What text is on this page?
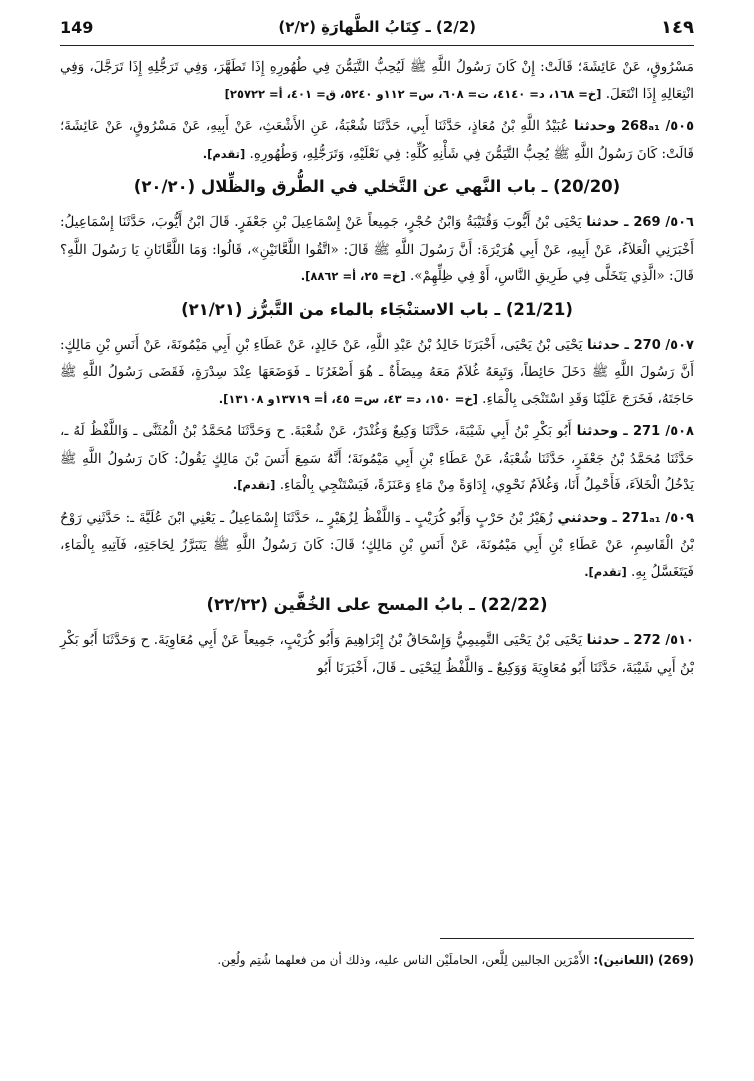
149	(2/2) ـ كِتَابُ الطَّهارَةِ (٢/٢)	١٤٩

مَسْرُوقٍ، عَنْ عَائِشَةَ؛ قَالَتْ: إِنْ كَانَ رَسُولُ اللَّهِ ﷺ لَيُحِبُّ التَّيَمُّنَ فِي طُهُورِهِ إِذَا تَطَهَّرَ، وَفِي تَرَجُّلِهِ إِذَا تَرَجَّلَ، وَفِي انْتِعَالِهِ إِذَا انْتَعَلَ. [خ= ١٦٨، د= ٤١٤٠، ت= ٦٠٨، س= ١١٢و ٥٢٤٠، ق= ٤٠١، أ= ٢٥٧٢٢]

٥٠٥/ 268ₐ₁ وحدثنا عُبَيْدُ اللَّهِ بْنُ مُعَاذٍ، حَدَّثَنَا أَبِي، حَدَّثَنَا شُعْبَةُ، عَنِ الأَشْعَثِ، عَنْ أَبِيهِ، عَنْ مَسْرُوقٍ، عَنْ عَائِشَةَ؛ قَالَتْ: كَانَ رَسُولُ اللَّهِ ﷺ يُحِبُّ التَّيَمُّنَ فِي شَأْنِهِ كُلِّهِ: فِي نَعْلَيْهِ، وَتَرَجُّلِهِ، وَطُهُورِهِ. [تقدم].

(20/20) ـ باب النَّهي عن التَّخلي في الطُّرق والظِّلال (٢٠/٢٠)

٥٠٦/ 269 ـ حدثنا يَحْيَى بْنُ أَيُّوبَ وَقُتَيْبَةُ وَابْنُ حُجْرٍ، جَمِيعاً عَنْ إِسْمَاعِيلَ بْنِ جَعْفَرٍ. قَالَ ابْنُ أَيُّوبَ، حَدَّثَنَا إِسْمَاعِيلُ: أَخْبَرَنِي الْعَلاَءُ، عَنْ أَبِيهِ، عَنْ أَبِي هُرَيْرَةَ: أَنَّ رَسُولَ اللَّهِ ﷺ قَالَ: «اتَّقُوا اللَّعَّانَيْنِ»، قَالُوا: وَمَا اللَّعَّانَانِ يَا رَسُولَ اللَّهِ؟ قَالَ: «الَّذِي يَتَخَلَّى فِي طَرِيقِ النَّاسِ، أَوْ فِي ظِلِّهِمْ». [خ= ٢٥، أ= ٨٨٦٢].

(21/21) ـ باب الاستنْجَاء بالماء من التَّبرُّز (٢١/٢١)

٥٠٧/ 270 ـ حدثنا يَحْيَى بْنُ يَحْيَى، أَخْبَرَنَا خَالِدُ بْنُ عَبْدِ اللَّهِ، عَنْ خَالِدٍ، عَنْ عَطَاءِ بْنِ أَبِي مَيْمُونَةَ، عَنْ أَنَسِ بْنِ مَالِكٍ: أَنَّ رَسُولَ اللَّهِ ﷺ دَخَلَ حَائِطاً، وَتَبِعَهُ غُلاَمٌ مَعَهُ مِيضَأَةٌ ـ هُوَ أَصْغَرُنَا ـ فَوَضَعَهَا عِنْدَ سِدْرَةٍ، فَقَضَى رَسُولُ اللَّهِ ﷺ حَاجَتَهُ، فَخَرَجَ عَلَيْنَا وَقَدِ اسْتَنْجَى بِالْمَاءِ. [خ= ١٥٠، د= ٤٣، س= ٤٥، أ= ١٣٧١٩و ١٣١٠٨].

٥٠٨/ 271 ـ وحدثنا أَبُو بَكْرِ بْنُ أَبِي شَيْبَةَ، حَدَّثَنَا وَكِيعٌ وَغُنْدَرٌ، عَنْ شُعْبَةَ. ح وَحَدَّثَنَا مُحَمَّدُ بْنُ الْمُثَنَّى ـ وَاللَّفْظُ لَهُ ـ، حَدَّثَنَا مُحَمَّدُ بْنُ جَعْفَرٍ، حَدَّثَنَا شُعْبَةُ، عَنْ عَطَاءِ بْنِ أَبِي مَيْمُونَةَ؛ أَنَّهُ سَمِعَ أَنَسَ بْنَ مَالِكٍ يَقُولُ: كَانَ رَسُولُ اللَّهِ ﷺ يَدْخُلُ الْخَلاَءَ، فَأَحْمِلُ أَنَا، وَغُلاَمٌ نَحْوِي، إِدَاوَةً مِنْ مَاءٍ وَعَنَزَةً، فَيَسْتَنْجِي بِالْمَاءِ. [تقدم].

٥٠٩/ 271ₐ₁ ـ وحدثني زُهَيْرُ بْنُ حَرْبٍ وَأَبُو كُرَيْبٍ ـ وَاللَّفْظُ لِزُهَيْرٍ ـ، حَدَّثَنَا إِسْمَاعِيلُ ـ يَعْنِي ابْنَ عُلَيَّةَ ـ: حَدَّثَنِي رَوْحُ بْنُ الْقَاسِمِ، عَنْ عَطَاءِ بْنِ أَبِي مَيْمُونَةَ، عَنْ أَنَسِ بْنِ مَالِكٍ؛ قَالَ: كَانَ رَسُولُ اللَّهِ ﷺ يَتَبَرَّزُ لِحَاجَتِهِ، فَآتِيهِ بِالْمَاءِ، فَيَتَغَسَّلُ بِهِ. [تقدم].

(22/22) ـ بابُ المسح على الخُفَّين (٢٢/٢٢)

٥١٠/ 272 ـ حدثنا يَحْيَى بْنُ يَحْيَى التَّمِيمِيُّ وَإِسْحَاقُ بْنُ إِبْرَاهِيمَ وَأَبُو كُرَيْبٍ، جَمِيعاً عَنْ أَبِي مُعَاوِيَةَ. ح وَحَدَّثَنَا أَبُو بَكْرِ بْنُ أَبِي شَيْبَةَ، حَدَّثَنَا أَبُو مُعَاوِيَةَ وَوَكِيعٌ ـ وَاللَّفْظُ لِيَحْيَى ـ قَالَ، أَخْبَرَنَا أَبُو

(269) (اللعانين): الأَمْرَين الجالبين لِلَّعن، الحاملَيْن الناس عليه، وذلك أن من فعلهما شُتِم ولُعِن.
